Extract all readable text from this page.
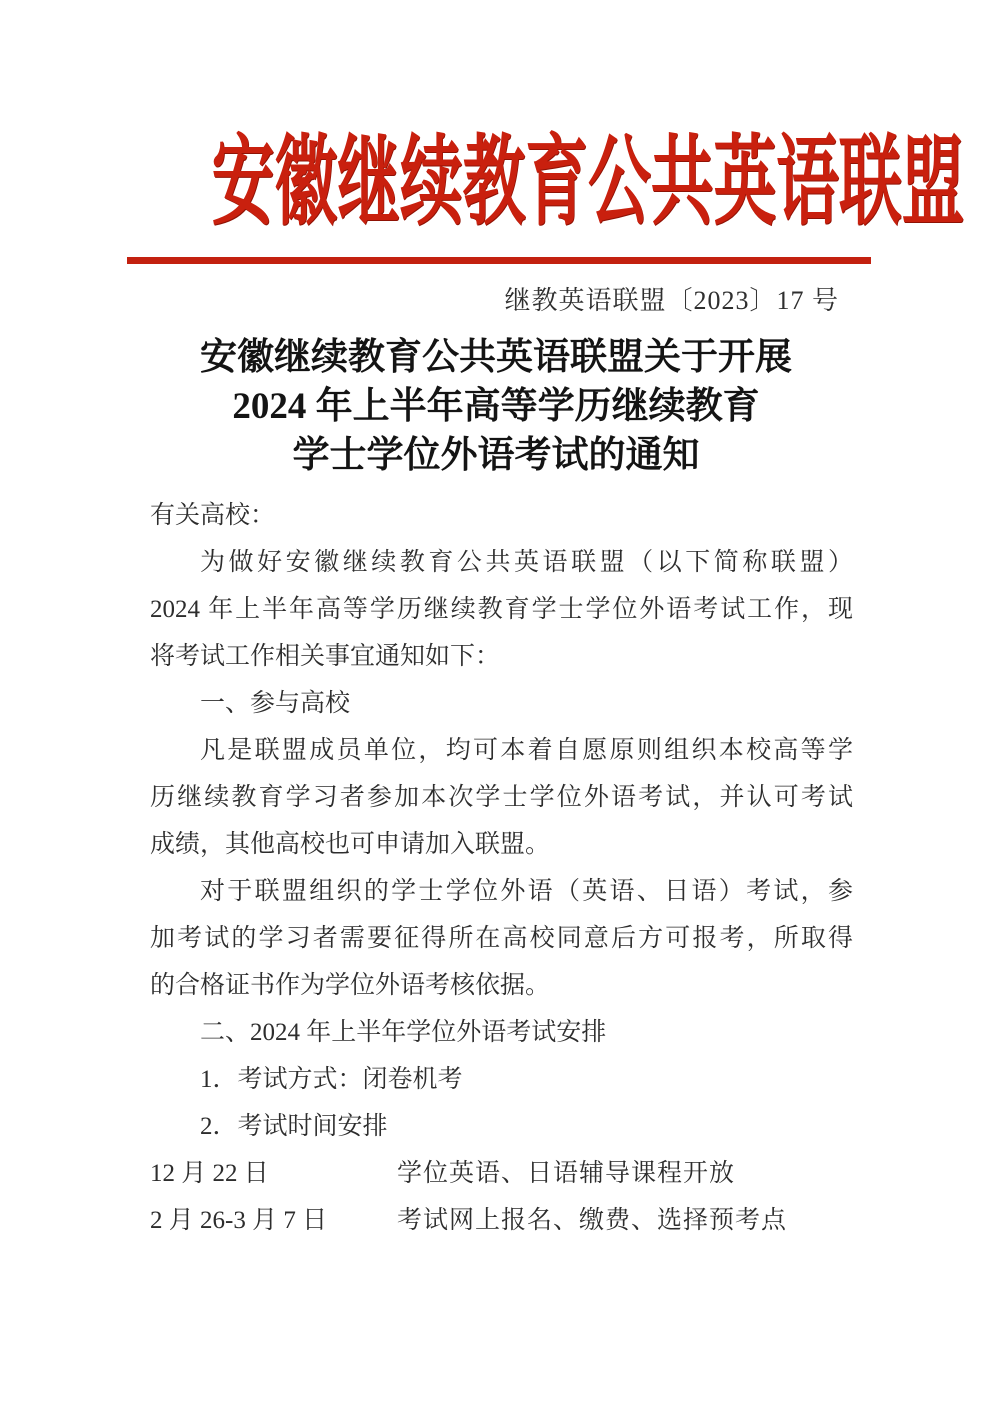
安徽继续教育公共英语联盟
继教英语联盟〔2023〕17 号
安徽继续教育公共英语联盟关于开展
2024 年上半年高等学历继续教育
学士学位外语考试的通知
有关高校：
为做好安徽继续教育公共英语联盟（以下简称联盟）
2024 年上半年高等学历继续教育学士学位外语考试工作，现
将考试工作相关事宜通知如下：
一、参与高校
凡是联盟成员单位，均可本着自愿原则组织本校高等学
历继续教育学习者参加本次学士学位外语考试，并认可考试
成绩，其他高校也可申请加入联盟。
对于联盟组织的学士学位外语（英语、日语）考试，参
加考试的学习者需要征得所在高校同意后方可报考，所取得
的合格证书作为学位外语考核依据。
二、2024 年上半年学位外语考试安排
1．考试方式：闭卷机考
2．考试时间安排
12 月 22 日	学位英语、日语辅导课程开放
2 月 26-3 月 7 日	考试网上报名、缴费、选择预考点
